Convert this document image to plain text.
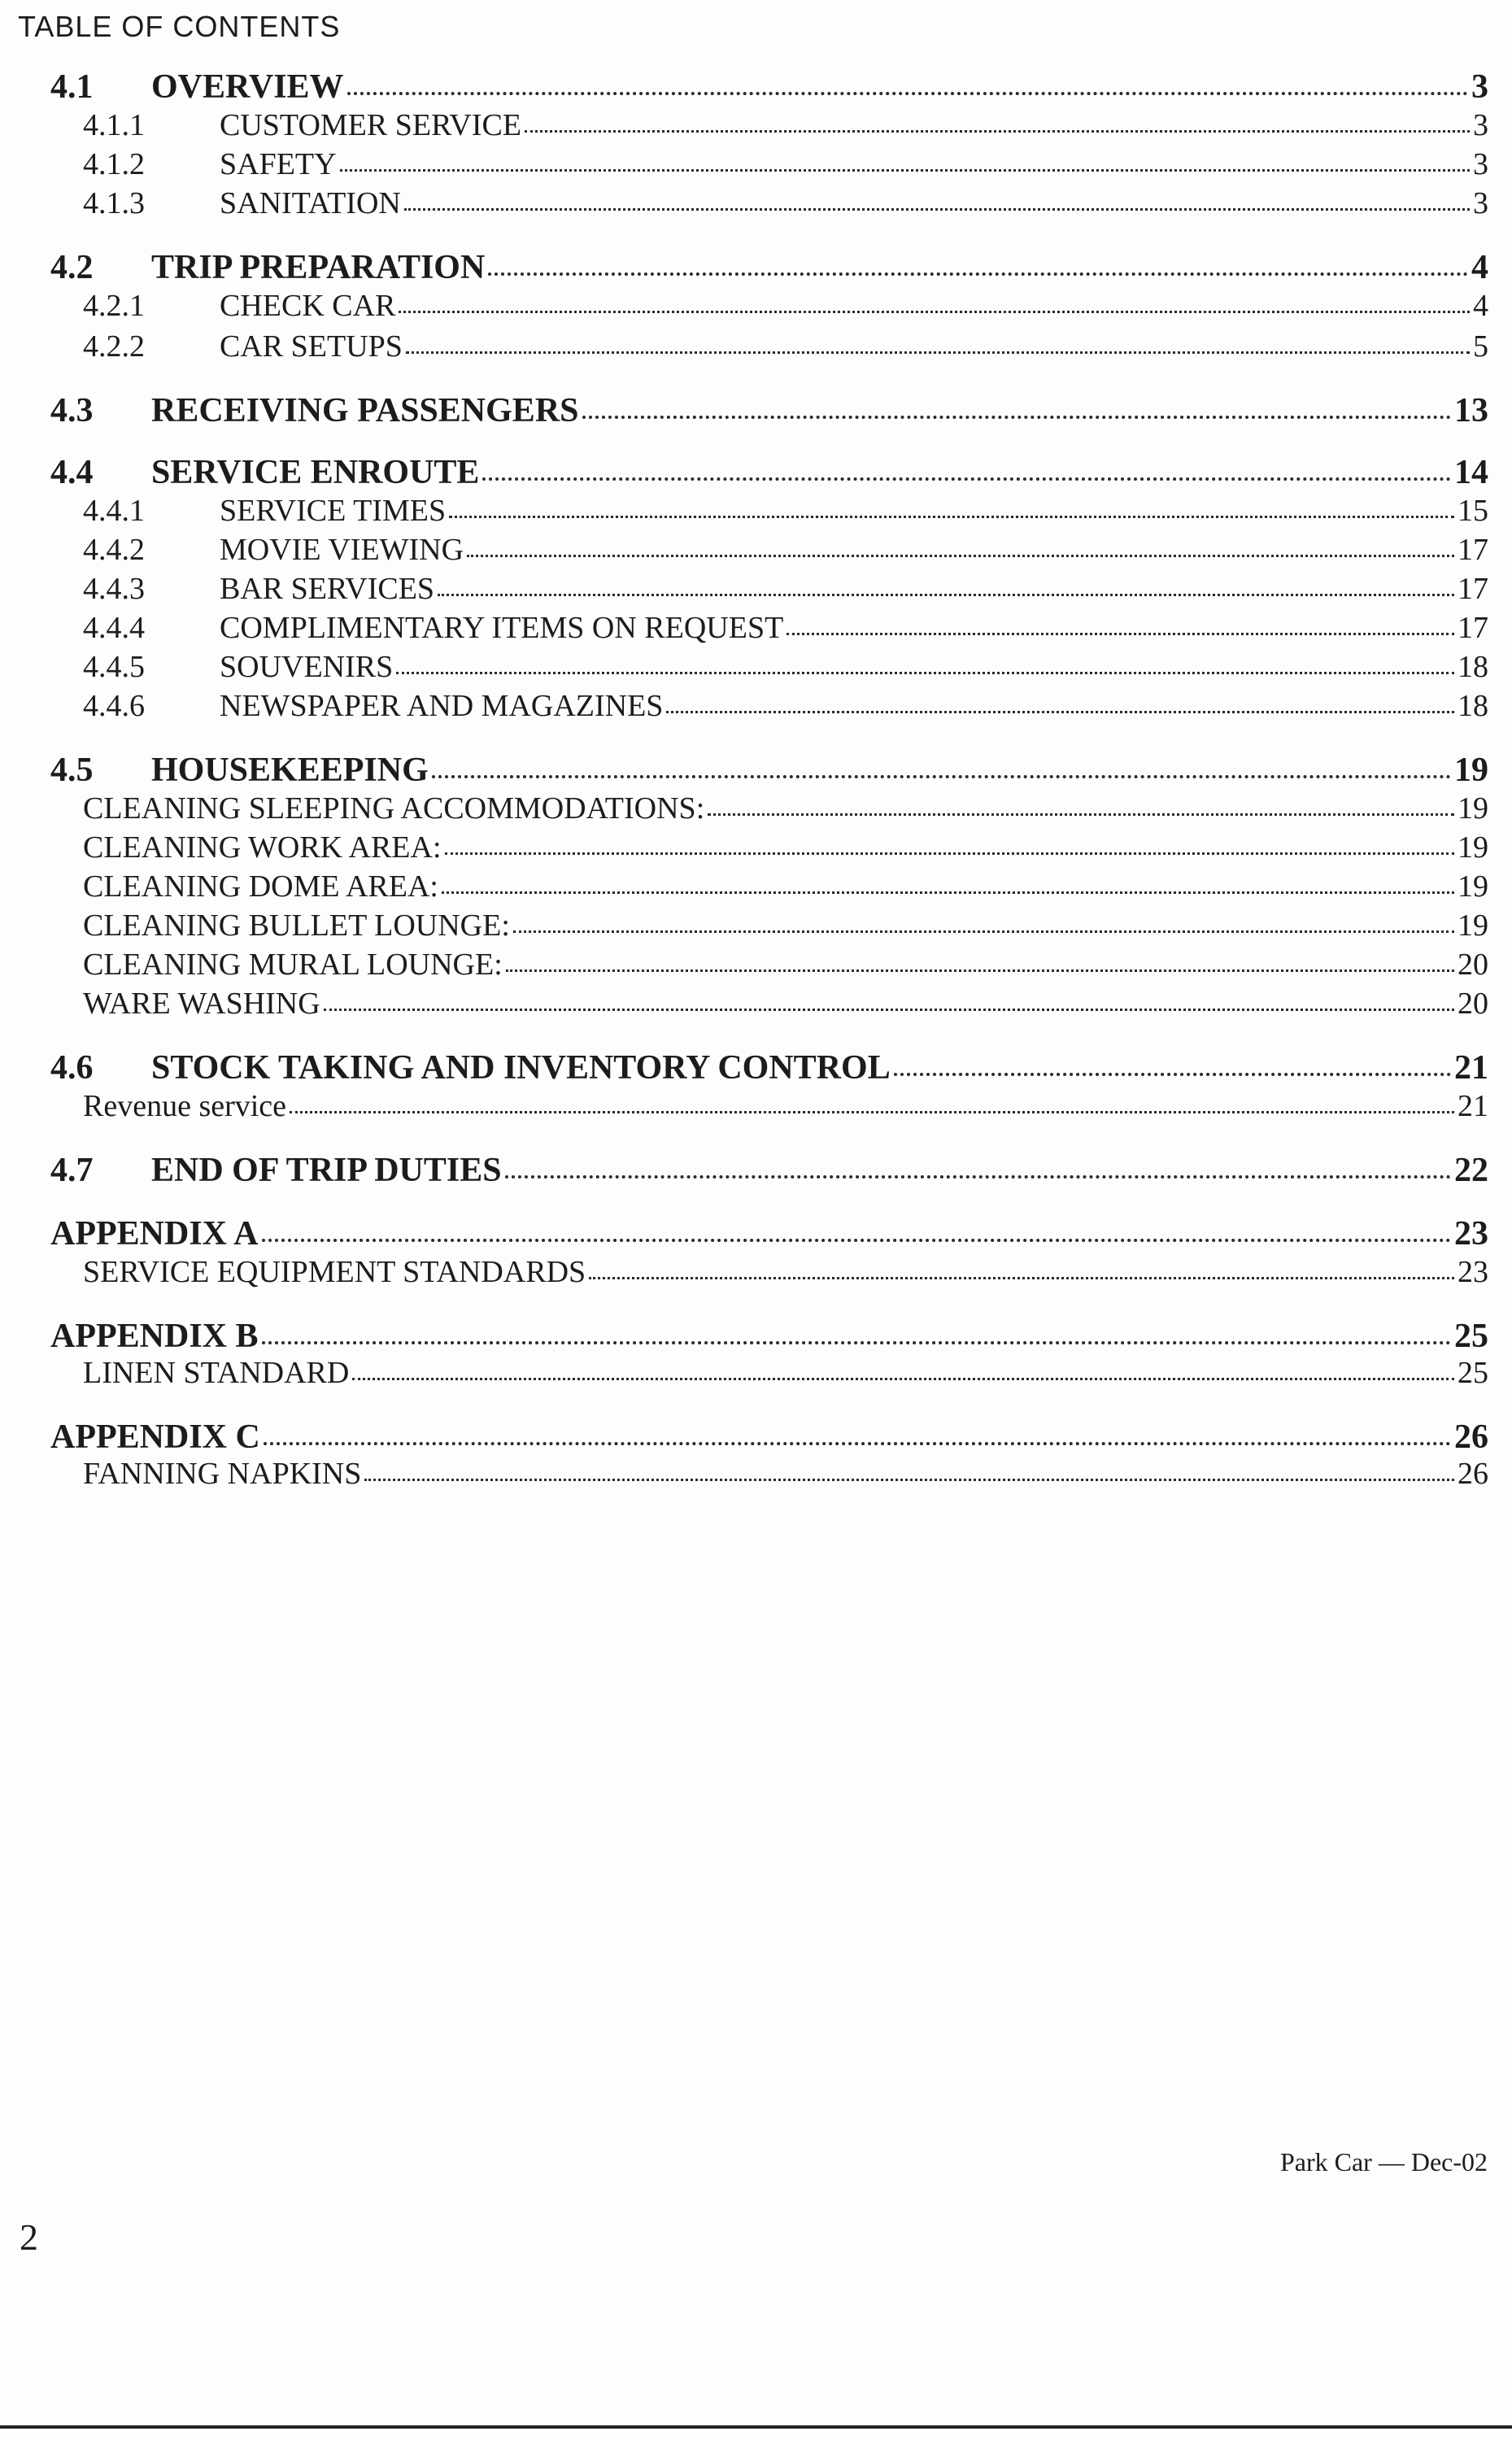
TABLE OF CONTENTS
4.1	OVERVIEW	3
4.1.1	CUSTOMER SERVICE	3
4.1.2	SAFETY	3
4.1.3	SANITATION	3
4.2	TRIP PREPARATION	4
4.2.1	CHECK CAR	4
4.2.2	CAR SETUPS	5
4.3	RECEIVING PASSENGERS	13
4.4	SERVICE ENROUTE	14
4.4.1	SERVICE TIMES	15
4.4.2	MOVIE VIEWING	17
4.4.3	BAR SERVICES	17
4.4.4	COMPLIMENTARY ITEMS ON REQUEST	17
4.4.5	SOUVENIRS	18
4.4.6	NEWSPAPER AND MAGAZINES	18
4.5	HOUSEKEEPING	19
CLEANING SLEEPING ACCOMMODATIONS:	19
CLEANING WORK AREA:	19
CLEANING DOME AREA:	19
CLEANING BULLET LOUNGE:	19
CLEANING MURAL LOUNGE:	20
WARE WASHING	20
4.6	STOCK TAKING AND INVENTORY CONTROL	21
Revenue service	21
4.7	END OF TRIP DUTIES	22
APPENDIX A	23
SERVICE EQUIPMENT STANDARDS	23
APPENDIX B	25
LINEN STANDARD	25
APPENDIX C	26
FANNING NAPKINS	26
Park Car — Dec-02
2
